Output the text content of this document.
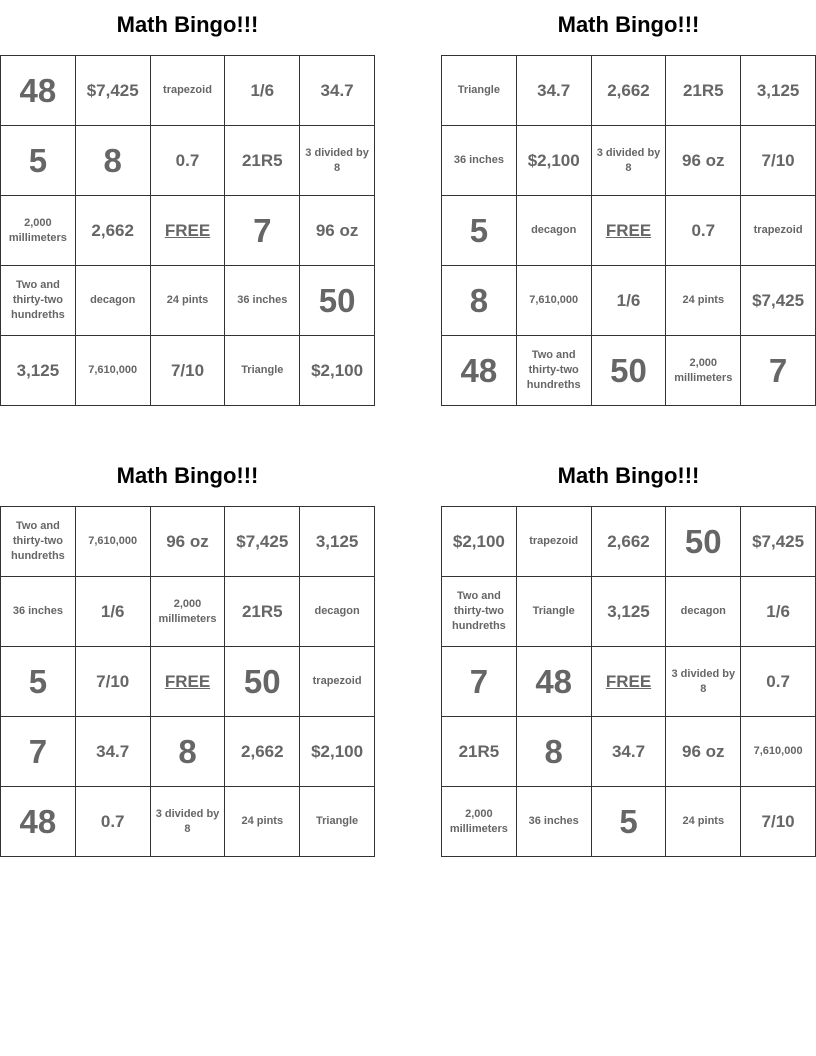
Math Bingo!!!
48	$7,425	trapezoid	1/6	34.7
5	8	0.7	21R5	3 divided by 8
2,000 millimeters	2,662	FREE	7	96 oz
Two and thirty-two hundreths	decagon	24 pints	36 inches	50
3,125	7,610,000	7/10	Triangle	$2,100
Math Bingo!!!
Triangle	34.7	2,662	21R5	3,125
36 inches	$2,100	3 divided by 8	96 oz	7/10
5	decagon	FREE	0.7	trapezoid
8	7,610,000	1/6	24 pints	$7,425
48	Two and thirty-two hundreths	50	2,000 millimeters	7
Math Bingo!!!
Two and thirty-two hundreths	7,610,000	96 oz	$7,425	3,125
36 inches	1/6	2,000 millimeters	21R5	decagon
5	7/10	FREE	50	trapezoid
7	34.7	8	2,662	$2,100
48	0.7	3 divided by 8	24 pints	Triangle
Math Bingo!!!
$2,100	trapezoid	2,662	50	$7,425
Two and thirty-two hundreths	Triangle	3,125	decagon	1/6
7	48	FREE	3 divided by 8	0.7
21R5	8	34.7	96 oz	7,610,000
2,000 millimeters	36 inches	5	24 pints	7/10
